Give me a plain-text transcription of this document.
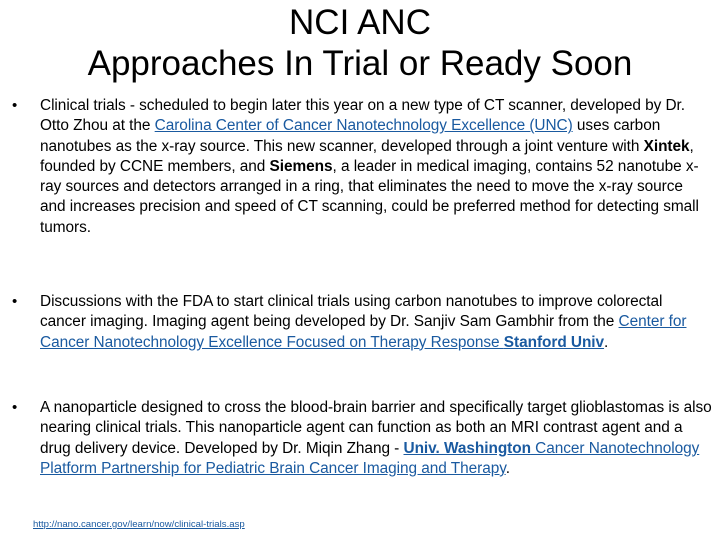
NCI ANC
Approaches In Trial or Ready Soon
• Clinical trials - scheduled to begin later this year on a new type of CT scanner, developed by Dr. Otto Zhou at the Carolina Center of Cancer Nanotechnology Excellence (UNC) uses carbon nanotubes as the x-ray source. This new scanner, developed through a joint venture with Xintek, founded by CCNE members, and Siemens, a leader in medical imaging, contains 52 nanotube x-ray sources and detectors arranged in a ring, that eliminates the need to move the x-ray source and increases precision and speed of CT scanning, could be preferred method for detecting small tumors.
• Discussions with the FDA to start clinical trials using carbon nanotubes to improve colorectal cancer imaging. Imaging agent being developed by Dr. Sanjiv Sam Gambhir from the Center for Cancer Nanotechnology Excellence Focused on Therapy Response Stanford Univ.
• A nanoparticle designed to cross the blood-brain barrier and specifically target glioblastomas is also nearing clinical trials. This nanoparticle agent can function as both an MRI contrast agent and a drug delivery device. Developed by Dr. Miqin Zhang - Univ. Washington Cancer Nanotechnology Platform Partnership for Pediatric Brain Cancer Imaging and Therapy.
http://nano.cancer.gov/learn/now/clinical-trials.asp
